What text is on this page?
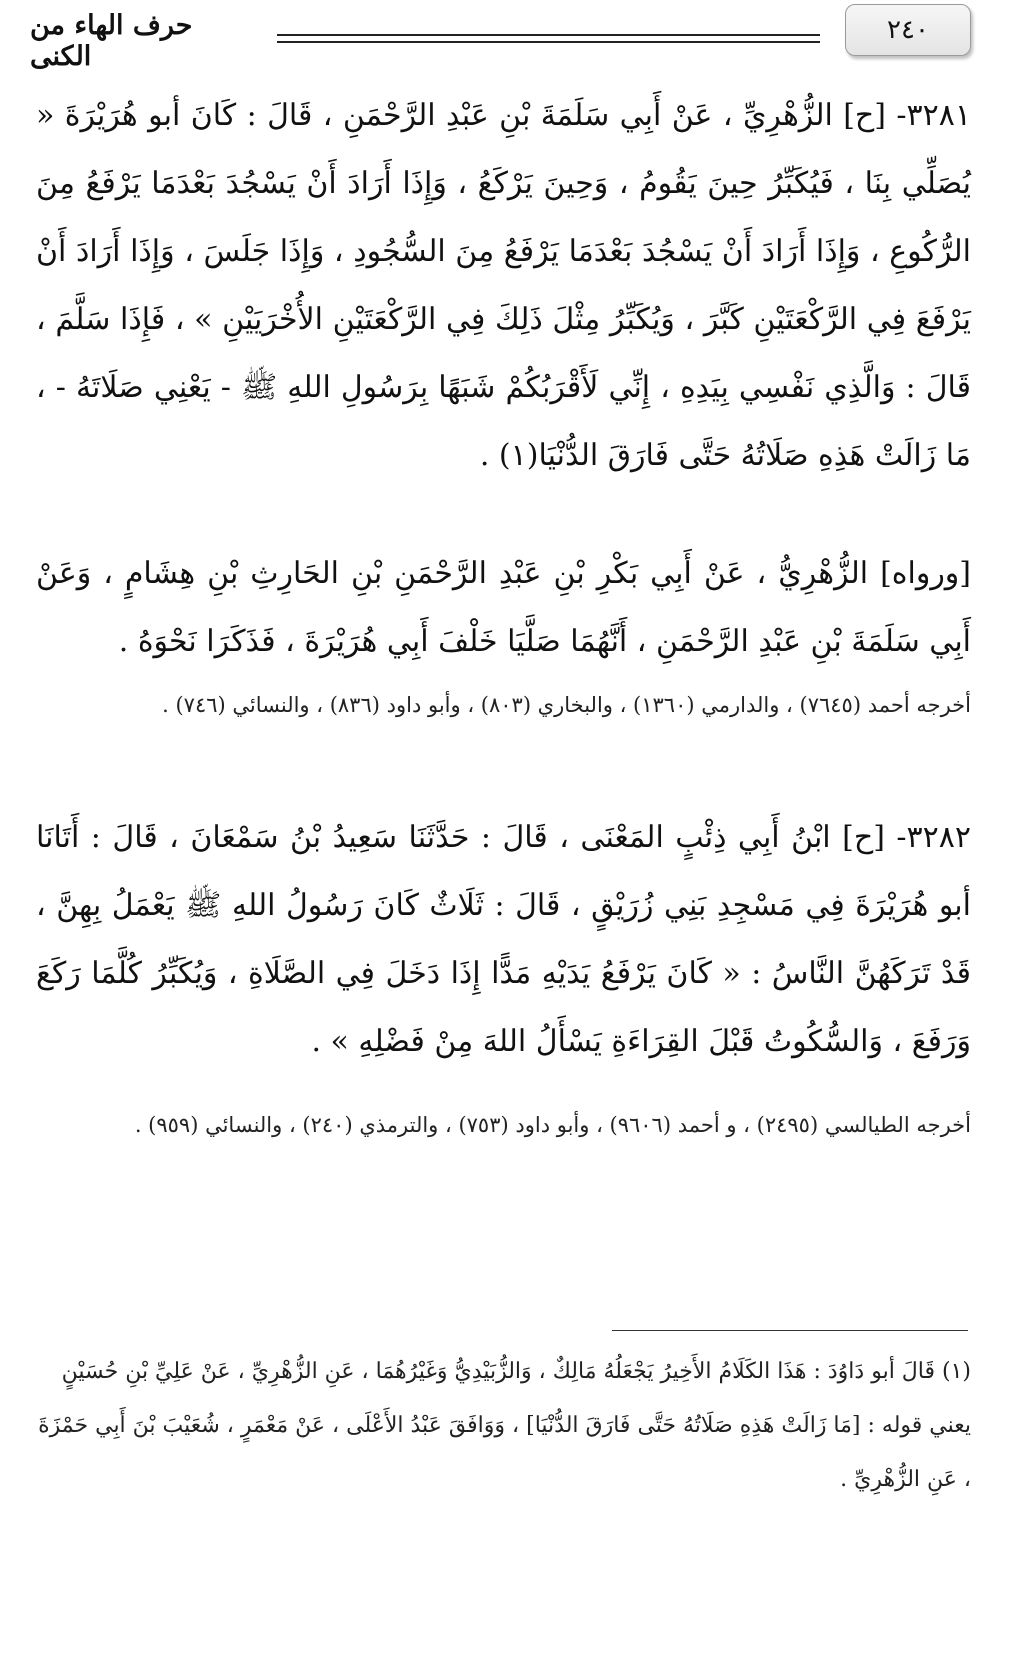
٢٤٠
حرف الهاء من الكنى
٣٢٨١- [ح] الزُّهْرِيِّ ، عَنْ أَبِي سَلَمَةَ بْنِ عَبْدِ الرَّحْمَنِ ، قَالَ : كَانَ أبو هُرَيْرَةَ « يُصَلِّي بِنَا ، فَيُكَبِّرُ حِينَ يَقُومُ ، وَحِينَ يَرْكَعُ ، وَإِذَا أَرَادَ أَنْ يَسْجُدَ بَعْدَمَا يَرْفَعُ مِنَ الرُّكُوعِ ، وَإِذَا أَرَادَ أَنْ يَسْجُدَ بَعْدَمَا يَرْفَعُ مِنَ السُّجُودِ ، وَإِذَا جَلَسَ ، وَإِذَا أَرَادَ أَنْ يَرْفَعَ فِي الرَّكْعَتَيْنِ كَبَّرَ ، وَيُكَبِّرُ مِثْلَ ذَلِكَ فِي الرَّكْعَتَيْنِ الأُخْرَيَيْنِ » ، فَإِذَا سَلَّمَ ، قَالَ : وَالَّذِي نَفْسِي بِيَدِهِ ، إِنِّي لَأَقْرَبُكُمْ شَبَهًا بِرَسُولِ اللهِ ﷺ - يَعْنِي صَلَاتَهُ - ، مَا زَالَتْ هَذِهِ صَلَاتُهُ حَتَّى فَارَقَ الدُّنْيَا(١) .
[ورواه] الزُّهْرِيُّ ، عَنْ أَبِي بَكْرِ بْنِ عَبْدِ الرَّحْمَنِ بْنِ الحَارِثِ بْنِ هِشَامٍ ، وَعَنْ أَبِي سَلَمَةَ بْنِ عَبْدِ الرَّحْمَنِ ، أَنَّهُمَا صَلَّيَا خَلْفَ أَبِي هُرَيْرَةَ ، فَذَكَرَا نَحْوَهُ .
أخرجه أحمد (٧٦٤٥) ، والدارمي (١٣٦٠) ، والبخاري (٨٠٣) ، وأبو داود (٨٣٦) ، والنسائي (٧٤٦) .
٣٢٨٢- [ح] ابْنُ أَبِي ذِئْبٍ المَعْنَى ، قَالَ : حَدَّثَنَا سَعِيدُ بْنُ سَمْعَانَ ، قَالَ : أَتَانَا أبو هُرَيْرَةَ فِي مَسْجِدِ بَنِي زُرَيْقٍ ، قَالَ : ثَلَاثٌ كَانَ رَسُولُ اللهِ ﷺ يَعْمَلُ بِهِنَّ ، قَدْ تَرَكَهُنَّ النَّاسُ : « كَانَ يَرْفَعُ يَدَيْهِ مَدًّا إِذَا دَخَلَ فِي الصَّلَاةِ ، وَيُكَبِّرُ كُلَّمَا رَكَعَ وَرَفَعَ ، وَالسُّكُوتُ قَبْلَ القِرَاءَةِ يَسْأَلُ اللهَ مِنْ فَضْلِهِ » .
أخرجه الطيالسي (٢٤٩٥) ، و أحمد (٩٦٠٦) ، وأبو داود (٧٥٣) ، والترمذي (٢٤٠) ، والنسائي (٩٥٩) .
(١) قَالَ أبو دَاوُدَ : هَذَا الكَلَامُ الأَخِيرُ يَجْعَلُهُ مَالِكٌ ، وَالزُّبَيْدِيُّ وَغَيْرُهُمَا ، عَنِ الزُّهْرِيِّ ، عَنْ عَلِيِّ بْنِ حُسَيْنٍ يعني قوله : [مَا زَالَتْ هَذِهِ صَلَاتُهُ حَتَّى فَارَقَ الدُّنْيَا] ، وَوَافَقَ عَبْدُ الأَعْلَى ، عَنْ مَعْمَرٍ ، شُعَيْبَ بْنَ أَبِي حَمْزَةَ ، عَنِ الزُّهْرِيِّ .
